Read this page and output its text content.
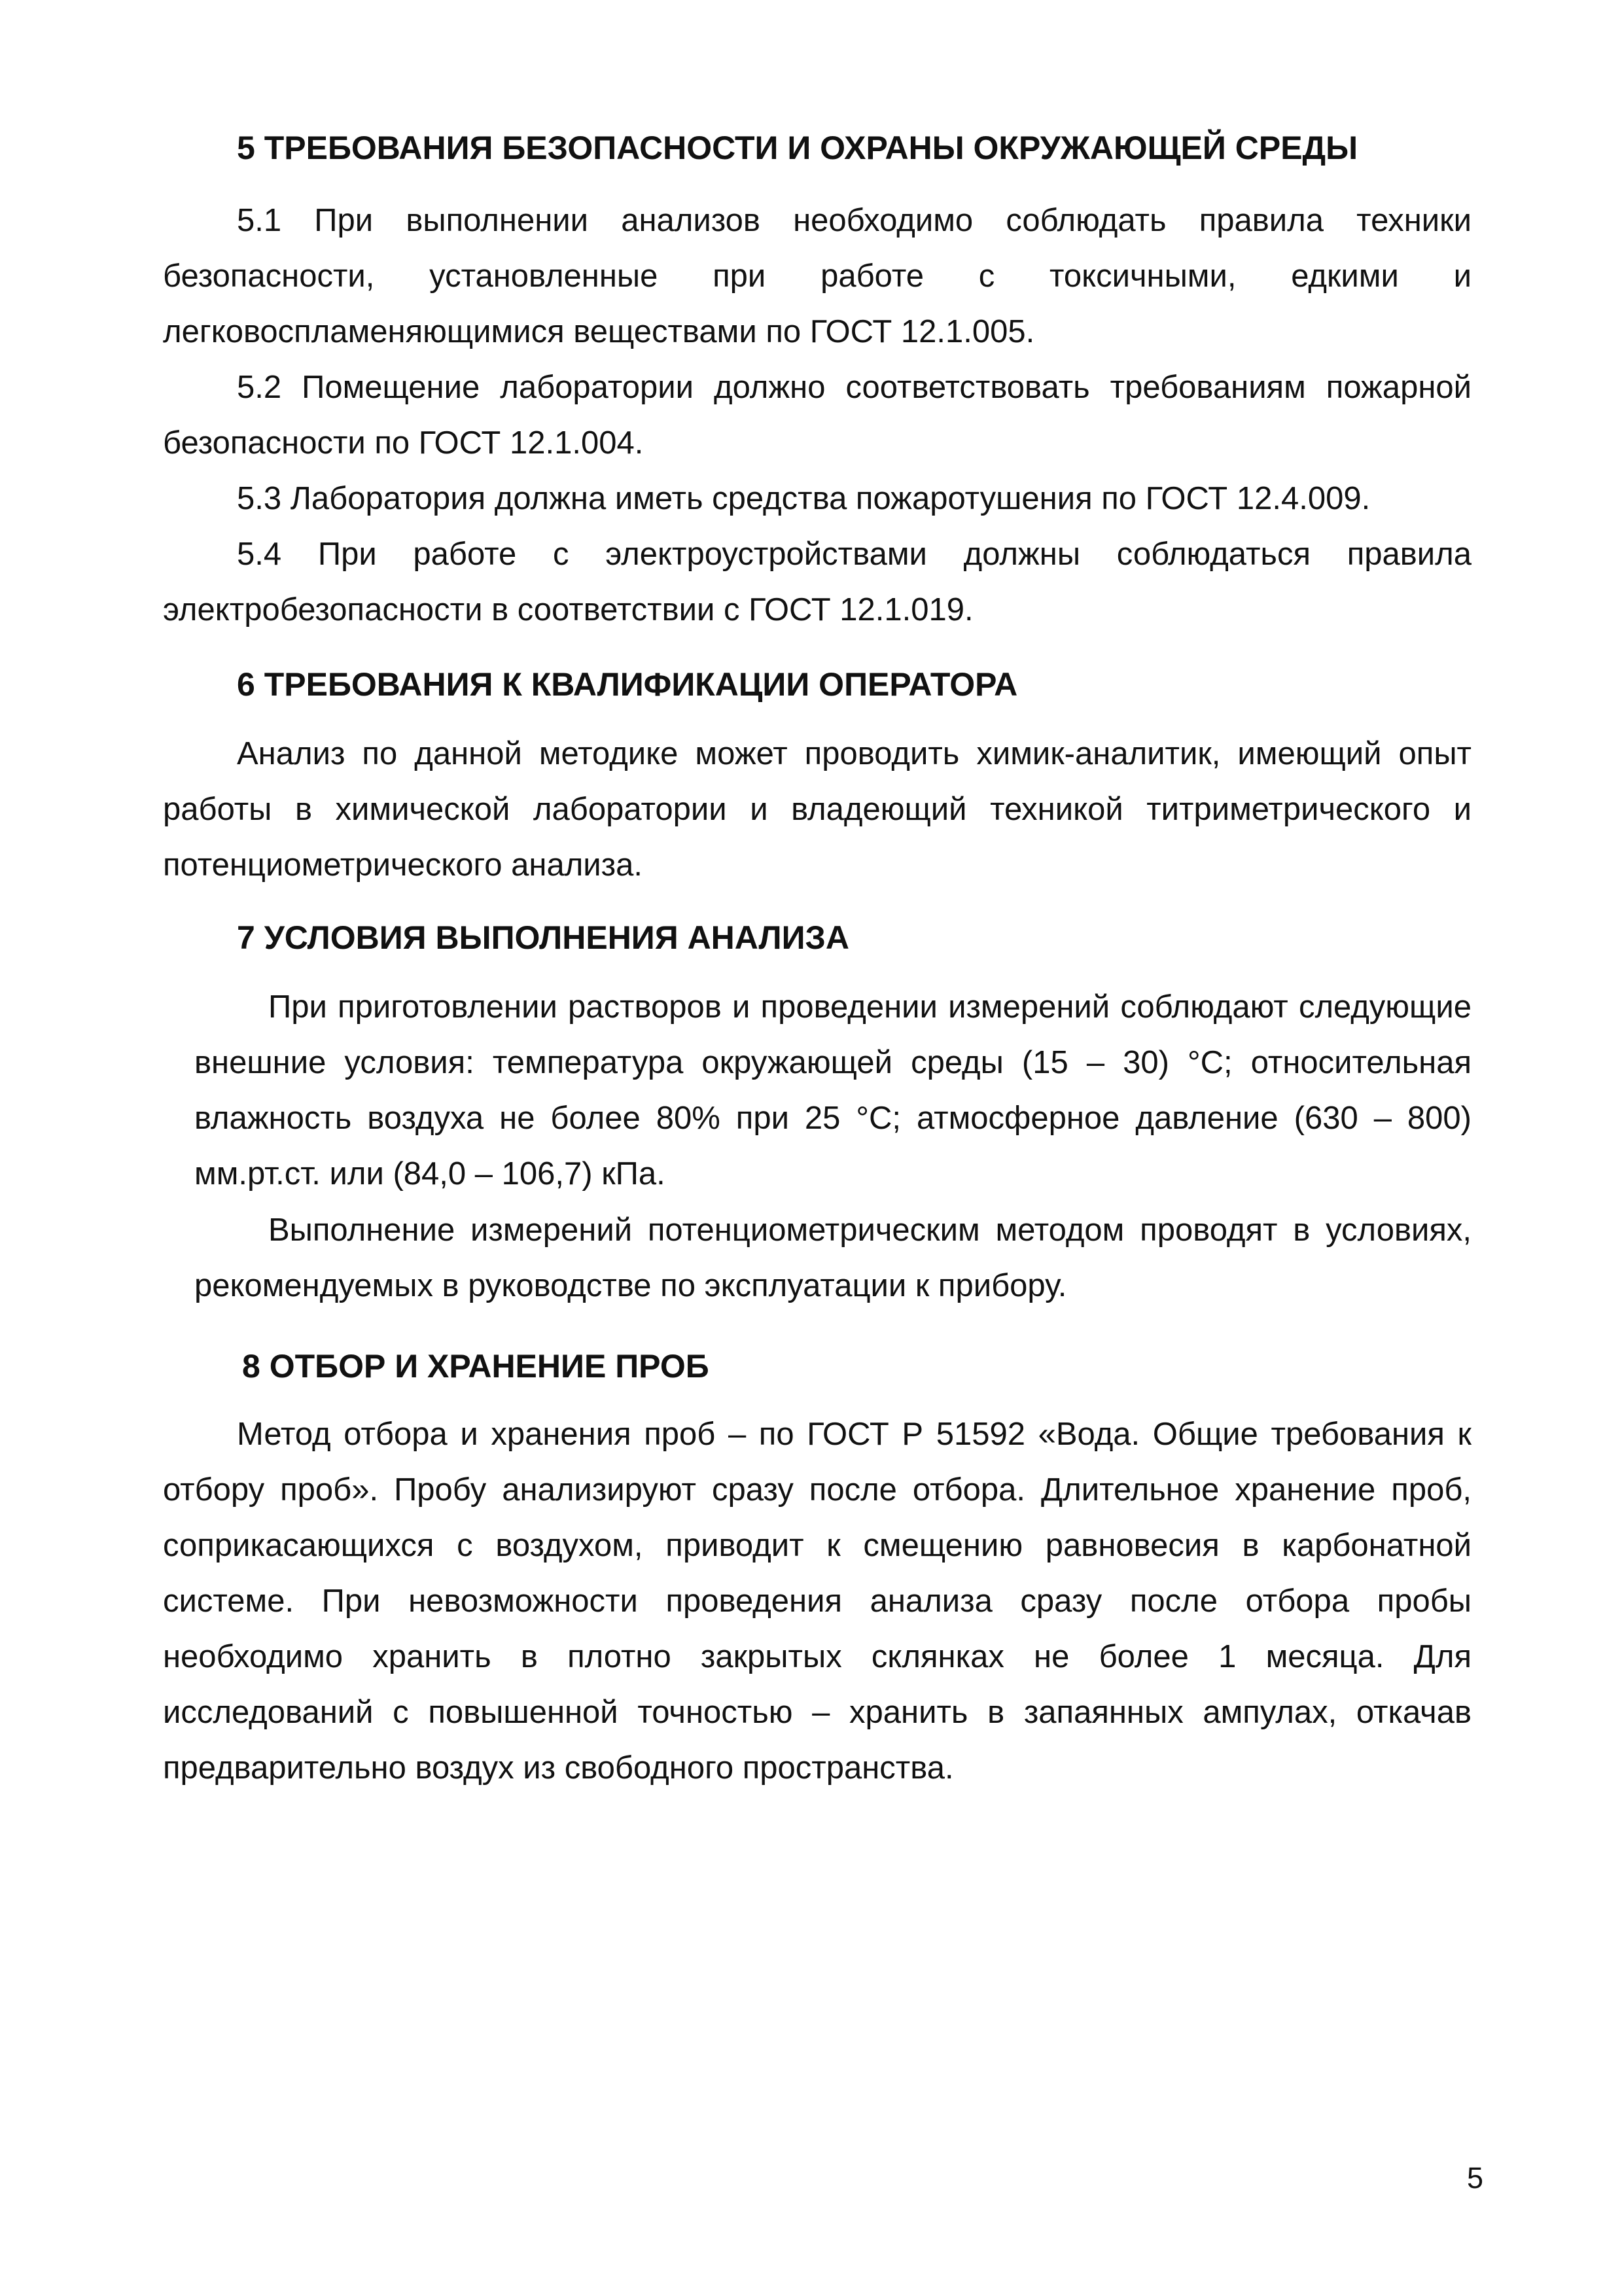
5 ТРЕБОВАНИЯ БЕЗОПАСНОСТИ И ОХРАНЫ ОКРУЖАЮЩЕЙ СРЕДЫ
5.1 При выполнении анализов необходимо соблюдать правила техники безопасности, установленные при работе с токсичными, едкими и легковоспламеняющимися веществами по ГОСТ 12.1.005.
5.2 Помещение лаборатории должно соответствовать требованиям пожарной безопасности по ГОСТ 12.1.004.
5.3 Лаборатория должна иметь средства пожаротушения по ГОСТ 12.4.009.
5.4 При работе с электроустройствами должны соблюдаться правила электробезопасности в соответствии с ГОСТ 12.1.019.
6 ТРЕБОВАНИЯ К КВАЛИФИКАЦИИ ОПЕРАТОРА
Анализ по данной методике может проводить химик-аналитик, имеющий опыт работы в химической лаборатории и владеющий техникой титриметрического и потенциометрического анализа.
7 УСЛОВИЯ ВЫПОЛНЕНИЯ АНАЛИЗА
При приготовлении растворов и проведении измерений соблюдают следующие внешние условия: температура окружающей среды (15 – 30) °С; относительная влажность воздуха не более 80% при 25 °С; атмосферное давление (630 – 800) мм.рт.ст. или (84,0 – 106,7) кПа.
Выполнение измерений потенциометрическим методом проводят в условиях, рекомендуемых в руководстве по эксплуатации к прибору.
8 ОТБОР И ХРАНЕНИЕ ПРОБ
Метод отбора и хранения проб – по ГОСТ Р 51592 «Вода. Общие требования к отбору проб». Пробу анализируют сразу после отбора. Длительное хранение проб, соприкасающихся с воздухом, приводит к смещению равновесия в карбонатной системе. При невозможности проведения анализа сразу после отбора пробы необходимо хранить в плотно закрытых склянках не более 1 месяца. Для исследований с повышенной точностью – хранить в запаянных ампулах, откачав предварительно воздух из свободного пространства.
5
